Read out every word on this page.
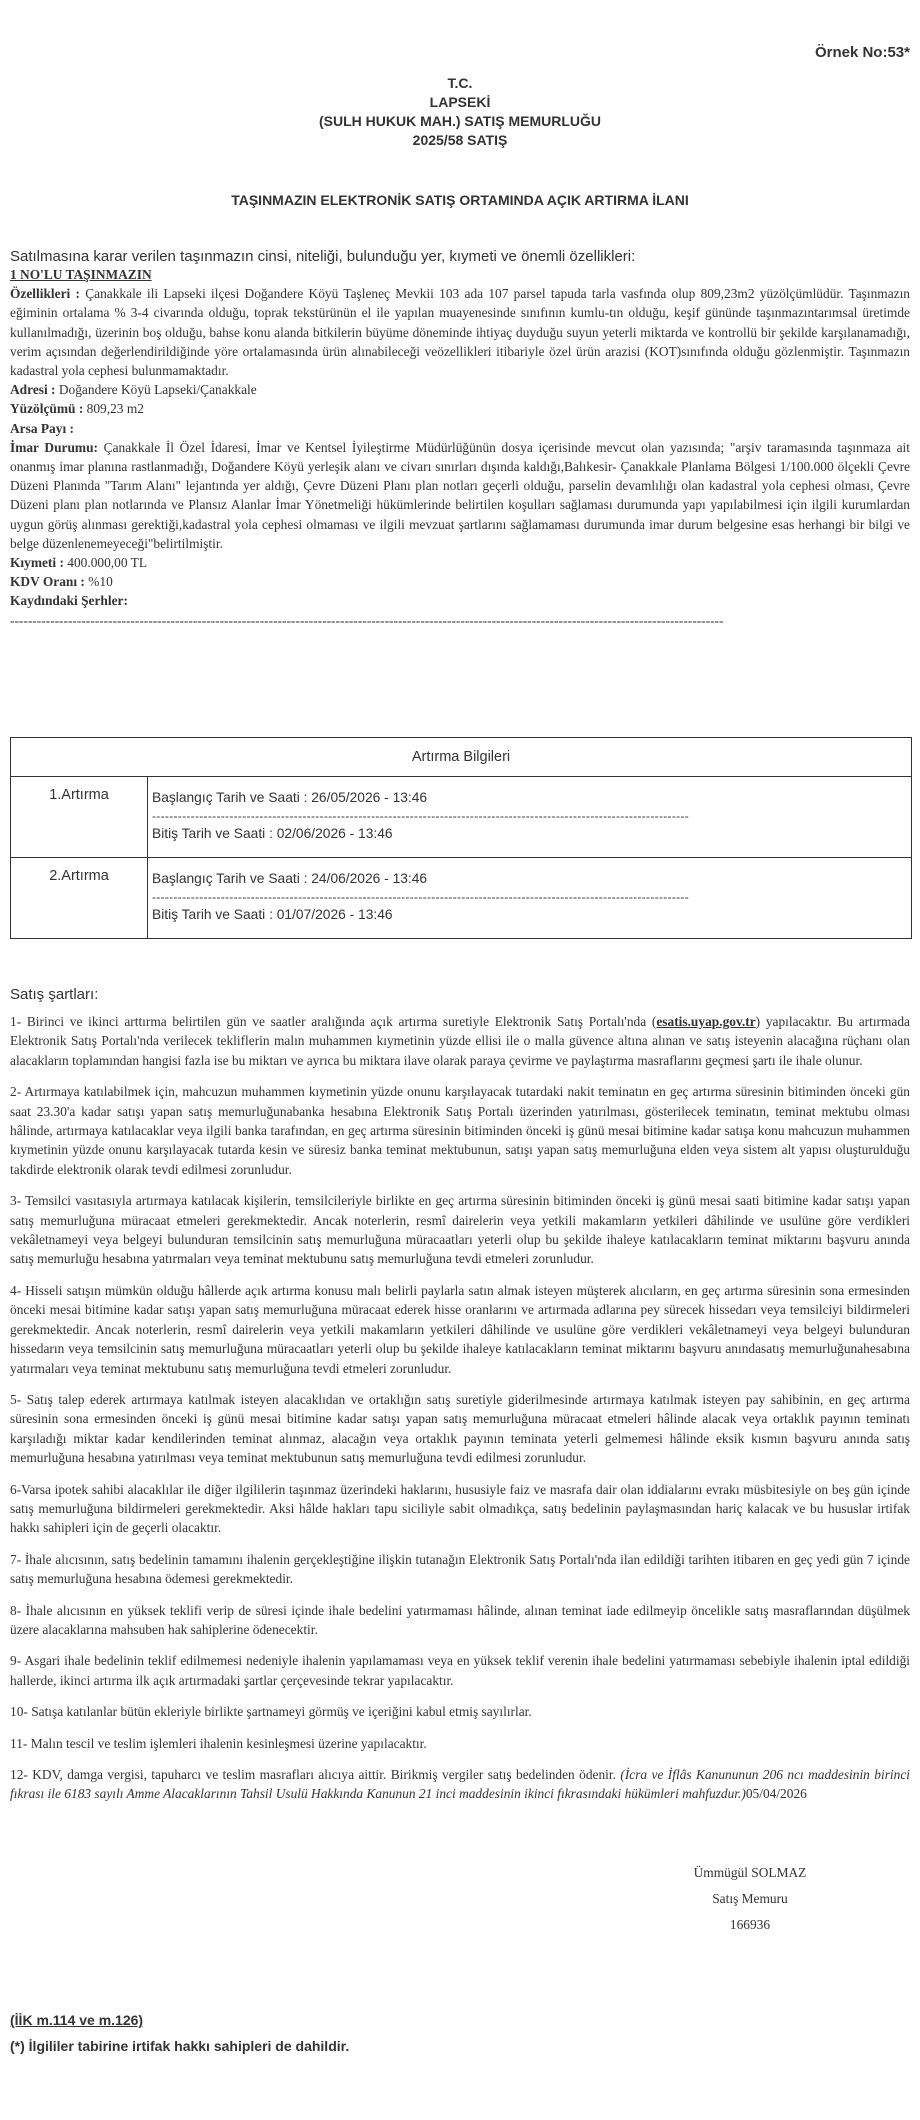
Örnek No:53*
T.C.
LAPSEKİ
(SULH HUKUK MAH.) SATIŞ MEMURLUĞU
2025/58 SATIŞ
TAŞINMAZIN ELEKTRONİK SATIŞ ORTAMINDA AÇIK ARTIRMA İLANI
Satılmasına karar verilen taşınmazın cinsi, niteliği, bulunduğu yer, kıymeti ve önemli özellikleri:

1 NO'LU TAŞINMAZIN

Özellikleri : Çanakkale ili Lapseki ilçesi Doğandere Köyü Taşleneç Mevkii 103 ada 107 parsel tapuda tarla vasfında olup 809,23m2 yüzölçümlüdür. Taşınmazın eğiminin ortalama % 3-4 civarında olduğu, toprak tekstürünün el ile yapılan muayenesinde sınıfının kumlu-tın olduğu, keşif gününde taşınmazıntarımsal üretimde kullanılmadığı, üzerinin boş olduğu, bahse konu alanda bitkilerin büyüme döneminde ihtiyaç duyduğu suyun yeterli miktarda ve kontrollü bir şekilde karşılanamadığı, verim açısından değerlendirildiğinde yöre ortalamasında ürün alınabileceği veözellikleri itibariyle özel ürün arazisi (KOT)sınıfında olduğu gözlenmiştir. Taşınmazın kadastral yola cephesi bulunmamaktadır.

Adresi : Doğandere Köyü Lapseki/Çanakkale

Yüzölçümü : 809,23 m2

Arsa Payı :

İmar Durumu: Çanakkale İl Özel İdaresi, İmar ve Kentsel İyileştirme Müdürlüğünün dosya içerisinde mevcut olan yazısında; "arşiv taramasında taşınmaza ait onanmış imar planına rastlanmadığı, Doğandere Köyü yerleşik alanı ve civarı sınırları dışında kaldığı,Balıkesir- Çanakkale Planlama Bölgesi 1/100.000 ölçekli Çevre Düzeni Planında "Tarım Alanı" lejantında yer aldığı, Çevre Düzeni Planı plan notları geçerli olduğu, parselin devamlılığı olan kadastral yola cephesi olması, Çevre Düzeni planı plan notlarında ve Plansız Alanlar İmar Yönetmeliği hükümlerinde belirtilen koşulları sağlaması durumunda yapı yapılabilmesi için ilgili kurumlardan uygun görüş alınması gerektiği,kadastral yola cephesi olmaması ve ilgili mevzuat şartlarını sağlamaması durumunda imar durum belgesine esas herhangi bir bilgi ve belge düzenlenemeyeceği"belirtilmiştir.

Kıymeti : 400.000,00 TL

KDV Oranı : %10

Kaydındaki Şerhler:

----------------------------------------------------------------------------------------------------------------------------------------------------------------

Artırma Bilgileri	
1.Artırma	Başlangıç Tarih ve Saati : 26/05/2026 - 13:46
-----------------------------------------------------------------------------------------------------------------------------
Bitiş Tarih ve Saati : 02/06/2026 - 13:46

2.Artırma	Başlangıç Tarih ve Saati : 24/06/2026 - 13:46
-----------------------------------------------------------------------------------------------------------------------------
Bitiş Tarih ve Saati : 01/07/2026 - 13:46
Satış şartları:

1- Birinci ve ikinci arttırma belirtilen gün ve saatler aralığında açık artırma suretiyle Elektronik Satış Portalı'nda (esatis.uyap.gov.tr) yapılacaktır. Bu artırmada Elektronik Satış Portalı'nda verilecek tekliflerin malın muhammen kıymetinin yüzde ellisi ile o malla güvence altına alınan ve satış isteyenin alacağına rüçhanı olan alacakların toplamından hangisi fazla ise bu miktarı ve ayrıca bu miktara ilave olarak paraya çevirme ve paylaştırma masraflarını geçmesi şartı ile ihale olunur.

2- Artırmaya katılabilmek için, mahcuzun muhammen kıymetinin yüzde onunu karşılayacak tutardaki nakit teminatın en geç artırma süresinin bitiminden önceki gün saat 23.30'a kadar satışı yapan satış memurluğunabanka hesabına Elektronik Satış Portalı üzerinden yatırılması, gösterilecek teminatın, teminat mektubu olması hâlinde, artırmaya katılacaklar veya ilgili banka tarafından, en geç artırma süresinin bitiminden önceki iş günü mesai bitimine kadar satışa konu mahcuzun muhammen kıymetinin yüzde onunu karşılayacak tutarda kesin ve süresiz banka teminat mektubunun, satışı yapan satış memurluğuna elden veya sistem alt yapısı oluşturulduğu takdirde elektronik olarak tevdi edilmesi zorunludur.

3- Temsilci vasıtasıyla artırmaya katılacak kişilerin, temsilcileriyle birlikte en geç artırma süresinin bitiminden önceki iş günü mesai saati bitimine kadar satışı yapan satış memurluğuna müracaat etmeleri gerekmektedir. Ancak noterlerin, resmî dairelerin veya yetkili makamların yetkileri dâhilinde ve usulüne göre verdikleri vekâletnameyi veya belgeyi bulunduran temsilcinin satış memurluğuna müracaatları yeterli olup bu şekilde ihaleye katılacakların teminat miktarını başvuru anında satış memurluğu hesabına yatırmaları veya teminat mektubunu satış memurluğuna tevdi etmeleri zorunludur.

4- Hisseli satışın mümkün olduğu hâllerde açık artırma konusu malı belirli paylarla satın almak isteyen müşterek alıcıların, en geç artırma süresinin sona ermesinden önceki mesai bitimine kadar satışı yapan satış memurluğuna müracaat ederek hisse oranlarını ve artırmada adlarına pey sürecek hissedarı veya temsilciyi bildirmeleri gerekmektedir. Ancak noterlerin, resmî dairelerin veya yetkili makamların yetkileri dâhilinde ve usulüne göre verdikleri vekâletnameyi veya belgeyi bulunduran hissedarın veya temsilcinin satış memurluğuna müracaatları yeterli olup bu şekilde ihaleye katılacakların teminat miktarını başvuru anındasatış memurluğunahesabına yatırmaları veya teminat mektubunu satış memurluğuna tevdi etmeleri zorunludur.

5- Satış talep ederek artırmaya katılmak isteyen alacaklıdan ve ortaklığın satış suretiyle giderilmesinde artırmaya katılmak isteyen pay sahibinin, en geç artırma süresinin sona ermesinden önceki iş günü mesai bitimine kadar satışı yapan satış memurluğuna müracaat etmeleri hâlinde alacak veya ortaklık payının teminatı karşıladığı miktar kadar kendilerinden teminat alınmaz, alacağın veya ortaklık payının teminata yeterli gelmemesi hâlinde eksik kısmın başvuru anında satış memurluğuna hesabına yatırılması veya teminat mektubunun satış memurluğuna tevdi edilmesi zorunludur.

6-Varsa ipotek sahibi alacaklılar ile diğer ilgililerin taşınmaz üzerindeki haklarını, hususiyle faiz ve masrafa dair olan iddialarını evrakı müsbitesiyle on beş gün içinde satış memurluğuna bildirmeleri gerekmektedir. Aksi hâlde hakları tapu siciliyle sabit olmadıkça, satış bedelinin paylaşmasından hariç kalacak ve bu hususlar irtifak hakkı sahipleri için de geçerli olacaktır.

7- İhale alıcısının, satış bedelinin tamamını ihalenin gerçekleştiğine ilişkin tutanağın Elektronik Satış Portalı'nda ilan edildiği tarihten itibaren en geç yedi gün 7 içinde satış memurluğuna hesabına ödemesi gerekmektedir.

8- İhale alıcısının en yüksek teklifi verip de süresi içinde ihale bedelini yatırmaması hâlinde, alınan teminat iade edilmeyip öncelikle satış masraflarından düşülmek üzere alacaklarına mahsuben hak sahiplerine ödenecektir.

9- Asgari ihale bedelinin teklif edilmemesi nedeniyle ihalenin yapılamaması veya en yüksek teklif verenin ihale bedelini yatırmaması sebebiyle ihalenin iptal edildiği hallerde, ikinci artırma ilk açık artırmadaki şartlar çerçevesinde tekrar yapılacaktır.

10- Satışa katılanlar bütün ekleriyle birlikte şartnameyi görmüş ve içeriğini kabul etmiş sayılırlar.

11- Malın tescil ve teslim işlemleri ihalenin kesinleşmesi üzerine yapılacaktır.

12- KDV, damga vergisi, tapuharcı ve teslim masrafları alıcıya aittir. Birikmiş vergiler satış bedelinden ödenir. (İcra ve İflâs Kanununun 206 ncı maddesinin birinci fıkrası ile 6183 sayılı Amme Alacaklarının Tahsil Usulü Hakkında Kanunun 21 inci maddesinin ikinci fıkrasındaki hükümleri mahfuzdur.)05/04/2026

Ümmügül SOLMAZ
Satış Memuru
166936
(İİK m.114 ve m.126)
(*) İlgililer tabirine irtifak hakkı sahipleri de dahildir.
